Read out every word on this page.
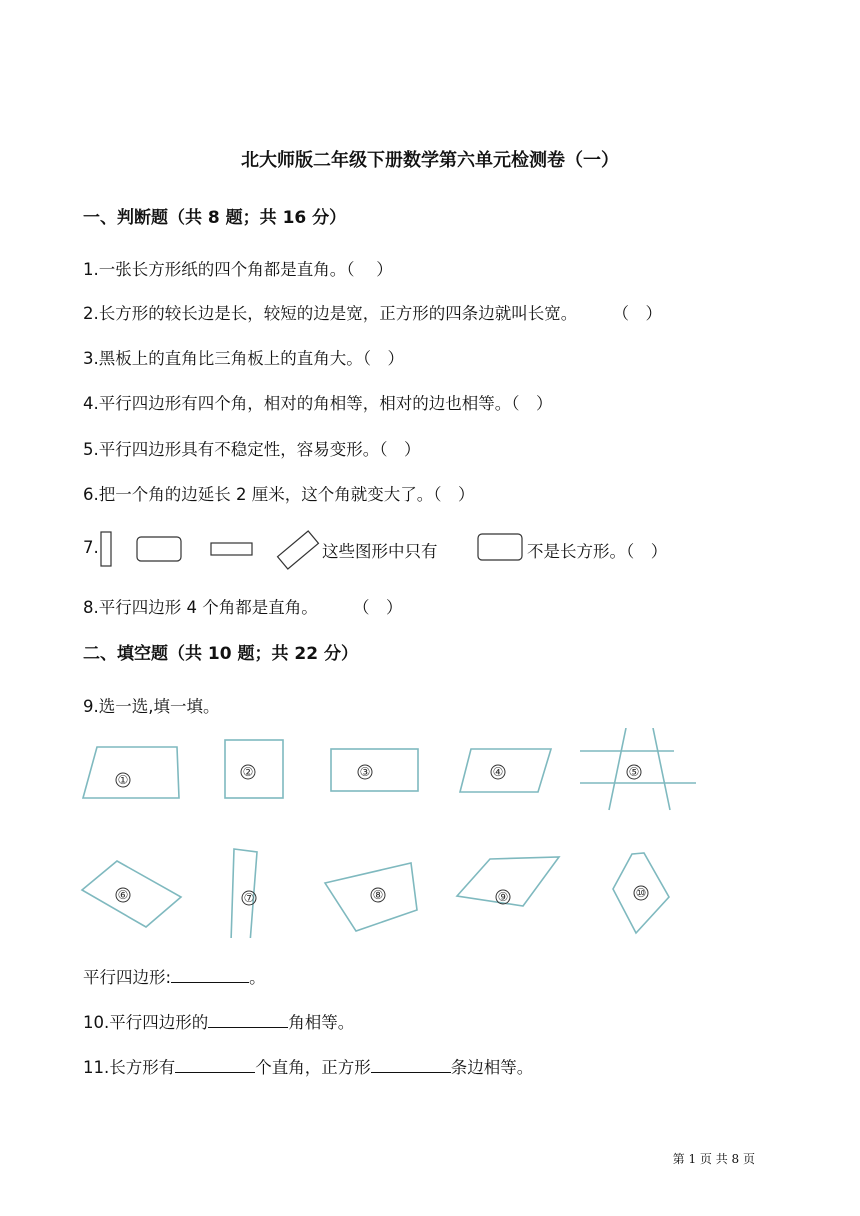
北大师版二年级下册数学第六单元检测卷（一）
一、判断题（共 8 题；共 16 分）
1.一张长方形纸的四个角都是直角。（　 ）
2.长方形的较长边是长，较短的边是宽，正方形的四条边就叫长宽。 （　）
3.黑板上的直角比三角板上的直角大。（　）
4.平行四边形有四个角，相对的角相等，相对的边也相等。（　）
5.平行四边形具有不稳定性，容易变形。（　）
6.把一个角的边延长 2 厘米，这个角就变大了。（　）
7.	这些图形中只有	不是长方形。（　）
8.平行四边形 4 个角都是直角。 （　）
二、填空题（共 10 题；共 22 分）
9.选一选,填一填。
①
②	③	④	⑤
⑥	⑦	⑧	⑨	⑩
平行四边形:	。
10.平行四边形的	角相等。
11.长方形有	个直角，正方形	条边相等。
第 1 页 共 8 页
